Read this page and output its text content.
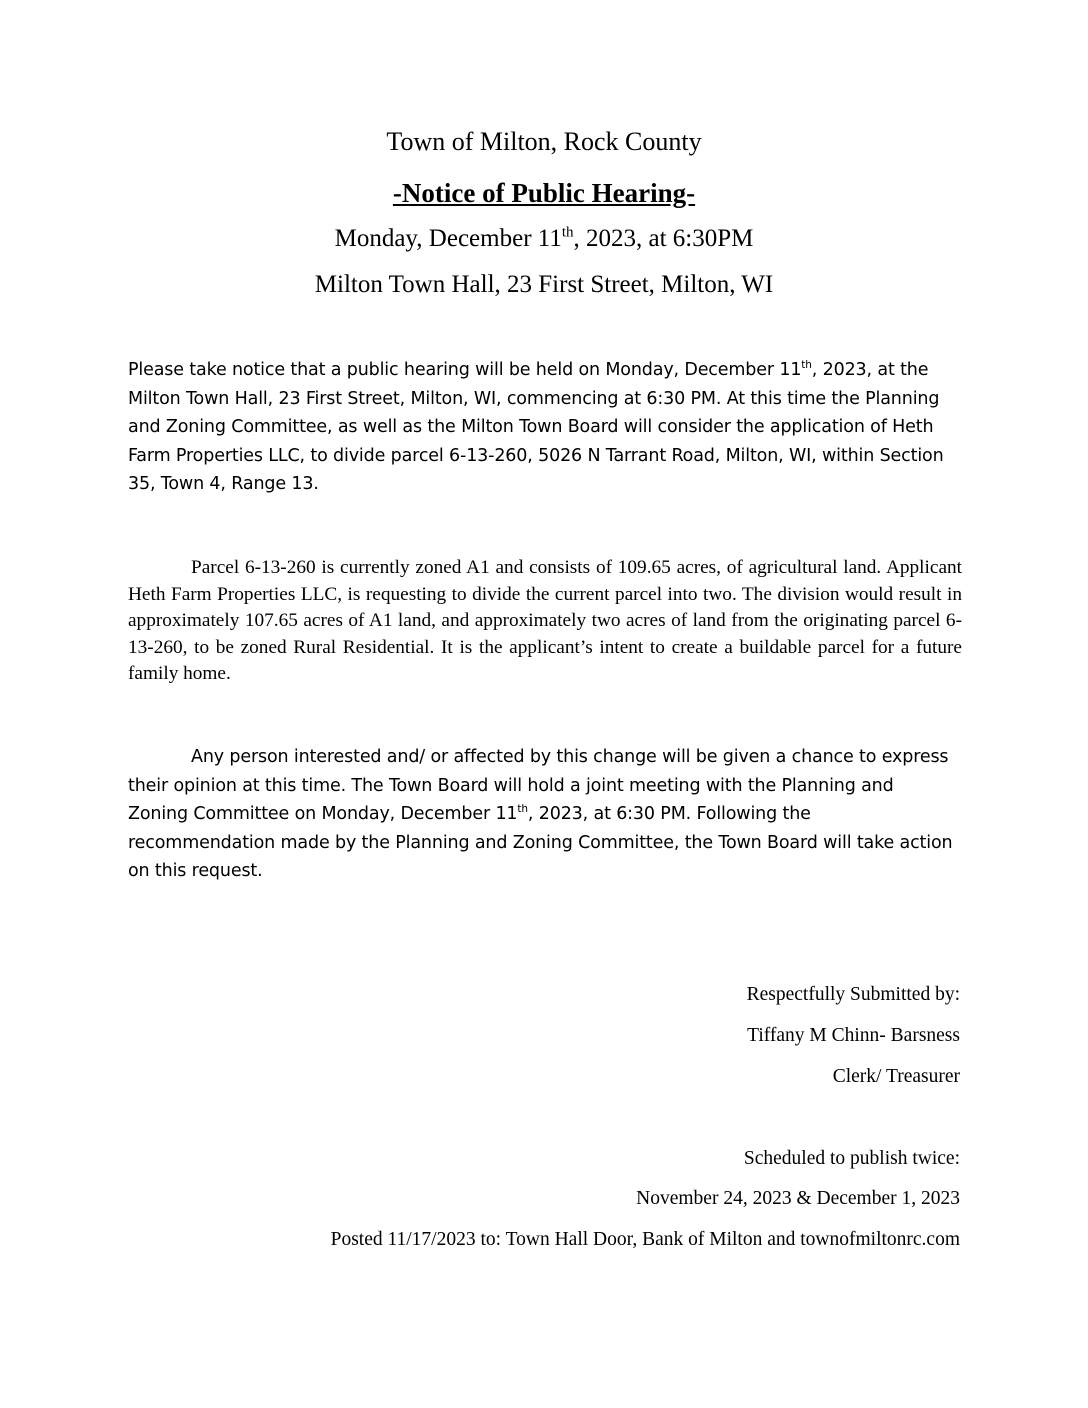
Town of Milton, Rock County
-Notice of Public Hearing-
Monday, December 11th, 2023, at 6:30PM
Milton Town Hall, 23 First Street, Milton, WI
Please take notice that a public hearing will be held on Monday, December 11th, 2023, at the
Milton Town Hall, 23 First Street, Milton, WI, commencing at 6:30 PM. At this time the Planning
and Zoning Committee, as well as the Milton Town Board will consider the application of Heth
Farm Properties LLC, to divide parcel 6-13-260, 5026 N Tarrant Road, Milton, WI, within Section
35, Town 4, Range 13.
Parcel 6-13-260 is currently zoned A1 and consists of 109.65 acres, of agricultural land. Applicant Heth Farm Properties LLC, is requesting to divide the current parcel into two. The division would result in approximately 107.65 acres of A1 land, and approximately two acres of land from the originating parcel 6-13-260, to be zoned Rural Residential. It is the applicant’s intent to create a buildable parcel for a future family home.
Any person interested and/ or affected by this change will be given a chance to express
their opinion at this time. The Town Board will hold a joint meeting with the Planning and
Zoning Committee on Monday, December 11th, 2023, at 6:30 PM. Following the
recommendation made by the Planning and Zoning Committee, the Town Board will take action
on this request.
Respectfully Submitted by:
Tiffany M Chinn- Barsness
Clerk/ Treasurer
Scheduled to publish twice:
November 24, 2023 & December 1, 2023
Posted 11/17/2023 to: Town Hall Door, Bank of Milton and townofmiltonrc.com
